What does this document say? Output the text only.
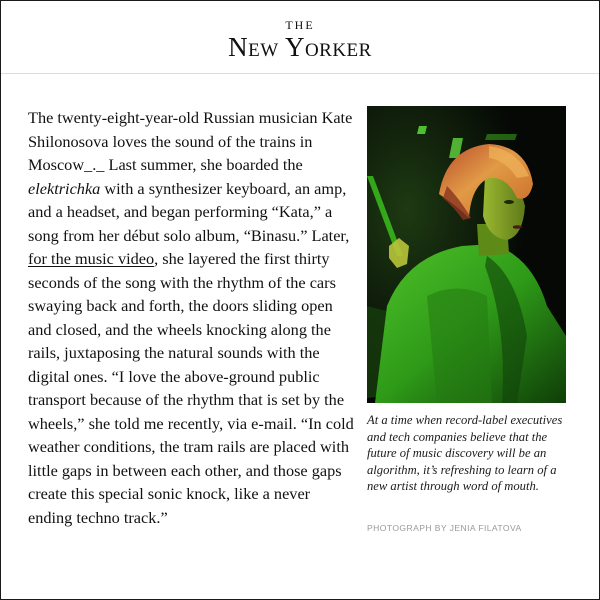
THE
New Yorker
The twenty-eight-year-old Russian musician Kate Shilonosova loves the sound of the trains in Moscow_._ Last summer, she boarded the elektrichka with a synthesizer keyboard, an amp, and a headset, and began performing “Kata,” a song from her début solo album, “Binasu.” Later, for the music video, she layered the first thirty seconds of the song with the rhythm of the cars swaying back and forth, the doors sliding open and closed, and the wheels knocking along the rails, juxtaposing the natural sounds with the digital ones. “I love the above-ground public transport because of the rhythm that is set by the wheels,” she told me recently, via e-mail. “In cold weather conditions, the tram rails are placed with little gaps in between each other, and those gaps create this special sonic knock, like a never ending techno track.”
At a time when record-label executives and tech companies believe that the future of music discovery will be an algorithm, it’s refreshing to learn of a new artist through word of mouth.
PHOTOGRAPH BY JENIA FILATOVA
